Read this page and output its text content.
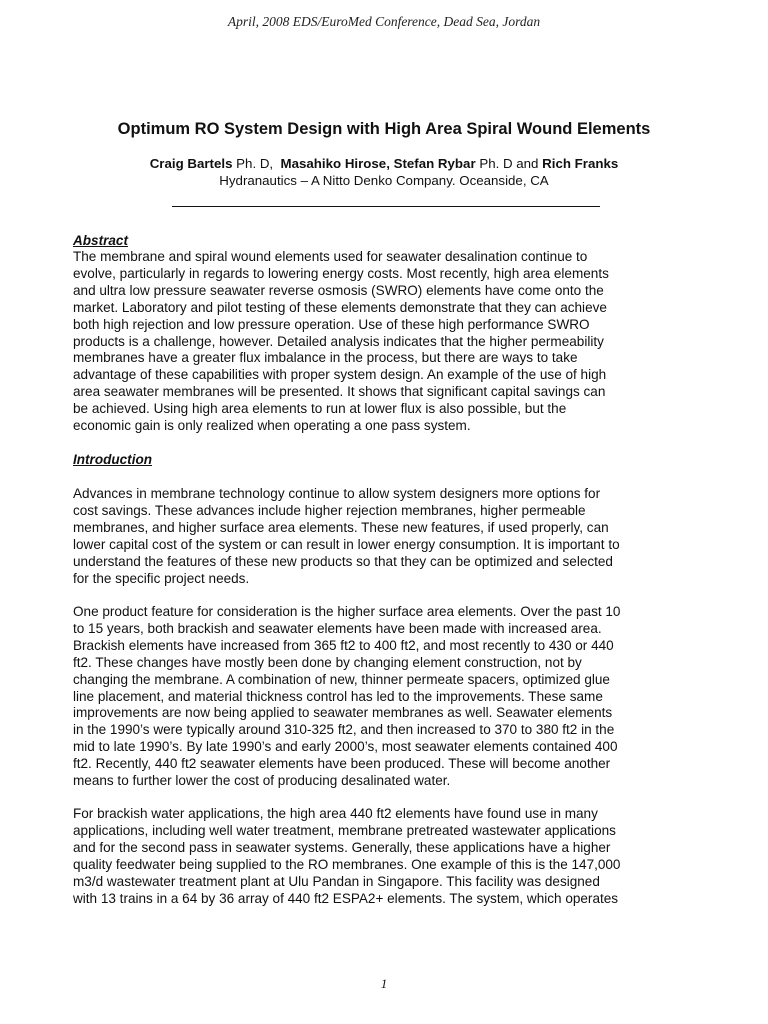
April, 2008 EDS/EuroMed Conference, Dead Sea, Jordan
Optimum RO System Design with High Area Spiral Wound Elements
Craig Bartels Ph. D,  Masahiko Hirose, Stefan Rybar Ph. D and Rich Franks
Hydranautics – A Nitto Denko Company. Oceanside, CA
Abstract
The membrane and spiral wound elements used for seawater desalination continue to
evolve, particularly in regards to lowering energy costs. Most recently, high area elements
and ultra low pressure seawater reverse osmosis (SWRO) elements have come onto the
market. Laboratory and pilot testing of these elements demonstrate that they can achieve
both high rejection and low pressure operation. Use of these high performance SWRO
products is a challenge, however. Detailed analysis indicates that the higher permeability
membranes have a greater flux imbalance in the process, but there are ways to take
advantage of these capabilities with proper system design. An example of the use of high
area seawater membranes will be presented. It shows that significant capital savings can
be achieved. Using high area elements to run at lower flux is also possible, but the
economic gain is only realized when operating a one pass system.
Introduction
Advances in membrane technology continue to allow system designers more options for
cost savings. These advances include higher rejection membranes, higher permeable
membranes, and higher surface area elements. These new features, if used properly, can
lower capital cost of the system or can result in lower energy consumption. It is important to
understand the features of these new products so that they can be optimized and selected
for the specific project needs.
One product feature for consideration is the higher surface area elements. Over the past 10
to 15 years, both brackish and seawater elements have been made with increased area.
Brackish elements have increased from 365 ft2 to 400 ft2, and most recently to 430 or 440
ft2. These changes have mostly been done by changing element construction, not by
changing the membrane. A combination of new, thinner permeate spacers, optimized glue
line placement, and material thickness control has led to the improvements. These same
improvements are now being applied to seawater membranes as well. Seawater elements
in the 1990’s were typically around 310-325 ft2, and then increased to 370 to 380 ft2 in the
mid to late 1990’s. By late 1990’s and early 2000’s, most seawater elements contained 400
ft2. Recently, 440 ft2 seawater elements have been produced. These will become another
means to further lower the cost of producing desalinated water.
For brackish water applications, the high area 440 ft2 elements have found use in many
applications, including well water treatment, membrane pretreated wastewater applications
and for the second pass in seawater systems. Generally, these applications have a higher
quality feedwater being supplied to the RO membranes. One example of this is the 147,000
m3/d wastewater treatment plant at Ulu Pandan in Singapore. This facility was designed
with 13 trains in a 64 by 36 array of 440 ft2 ESPA2+ elements. The system, which operates
1
